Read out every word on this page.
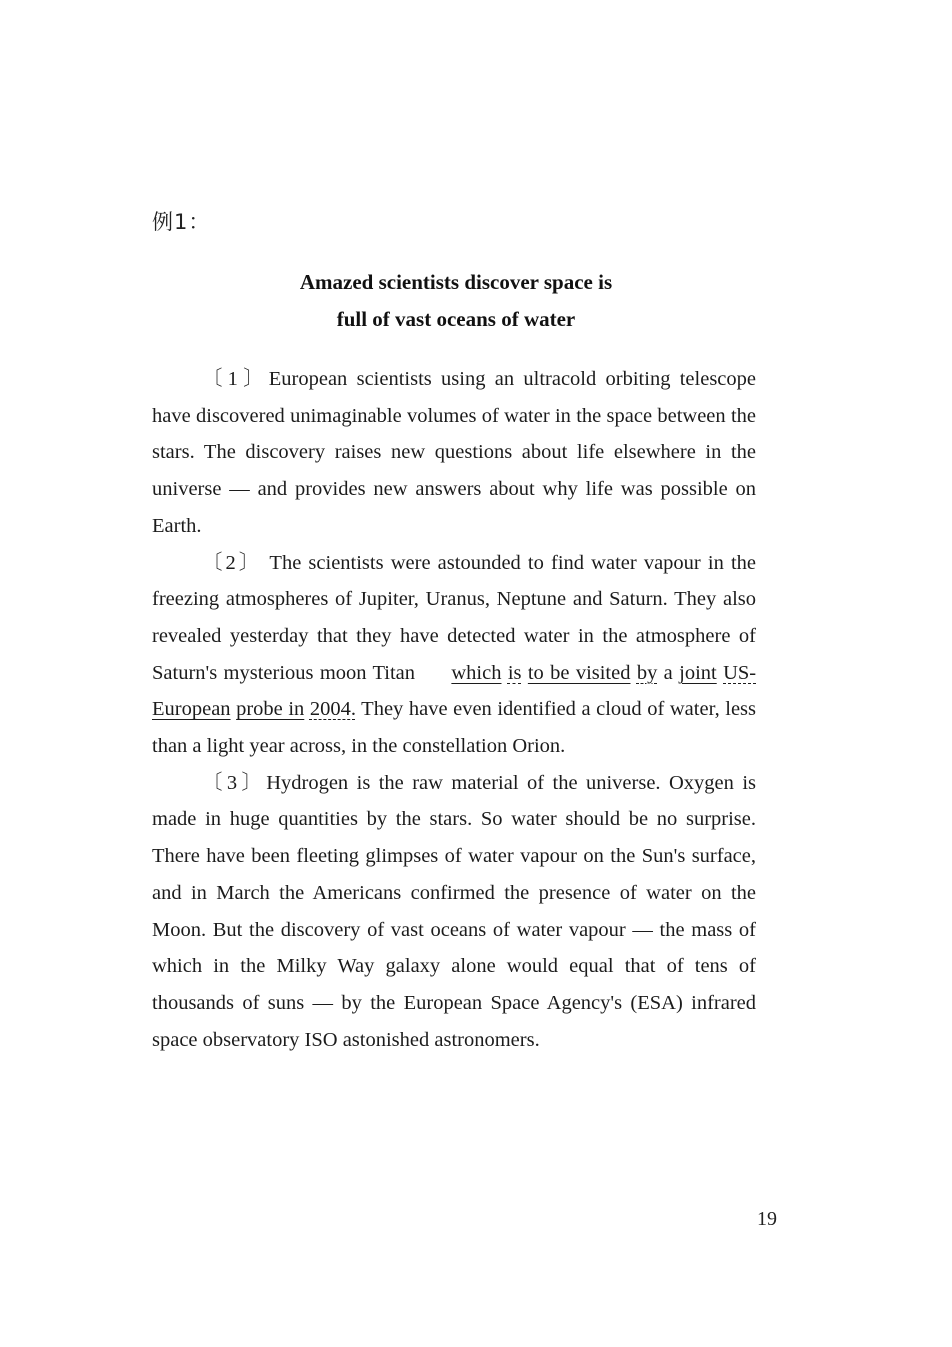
例1：
Amazed scientists discover space is
full of vast oceans of water

〔1〕European scientists using an ultracold orbiting telescope have discovered unimaginable volumes of water in the space between the stars. The discovery raises new questions about life elsewhere in the universe — and provides new answers about why life was possible on Earth.

〔2〕 The scientists were astounded to find water vapour in the freezing atmospheres of Jupiter, Uranus, Neptune and Saturn. They also revealed yesterday that they have detected water in the atmosphere of Saturn's mysterious moon Titan which is to be visited by a joint US-European probe in 2004. They have even identified a cloud of water, less than a light year across, in the constellation Orion.

〔3〕Hydrogen is the raw material of the universe. Oxygen is made in huge quantities by the stars. So water should be no surprise. There have been fleeting glimpses of water vapour on the Sun's surface, and in March the Americans confirmed the presence of water on the Moon. But the discovery of vast oceans of water vapour — the mass of which in the Milky Way galaxy alone would equal that of tens of thousands of suns — by the European Space Agency's (ESA) infrared space observatory ISO astonished astronomers.

19
